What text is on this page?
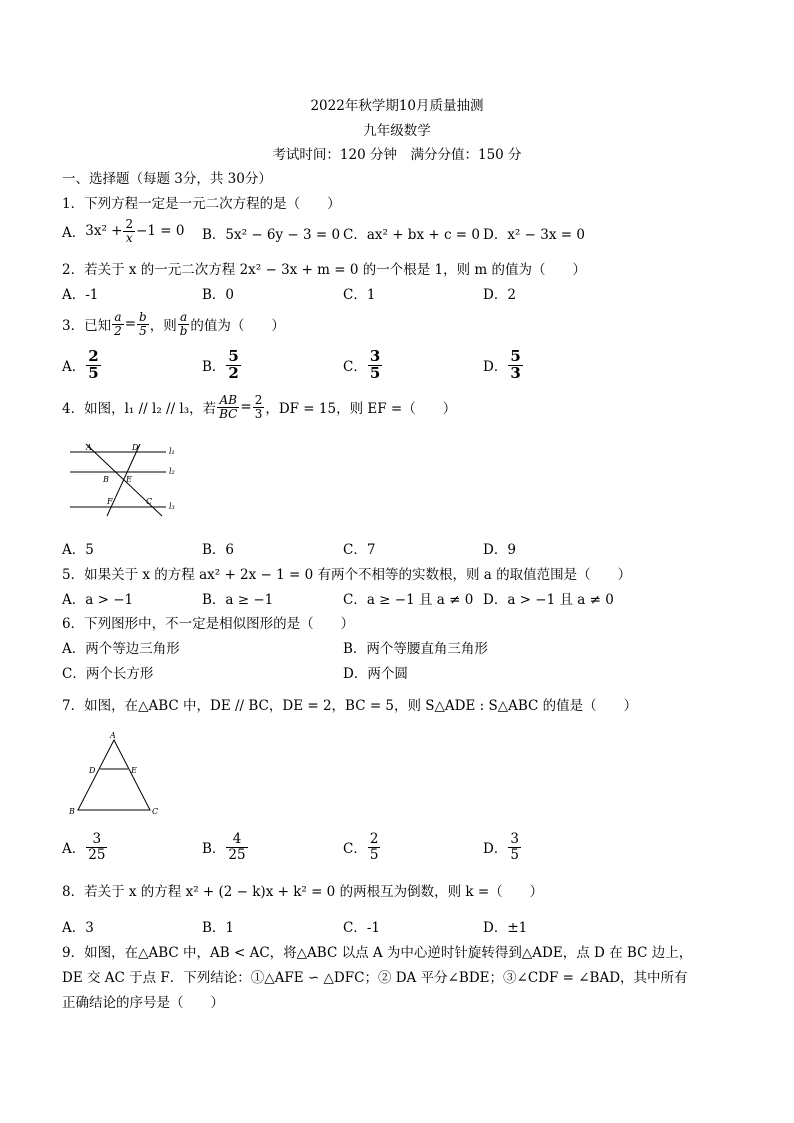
2022年秋学期10月质量抽测
九年级数学
考试时间：120 分钟　满分分值：150 分
一、选择题（每题 3分，共 30分）
1．下列方程一定是一元二次方程的是（　　）
A． $3x^2 + \frac{2}{x} -1 = 0$ B．5x² − 6y − 3 = 0 C．ax² + bx + c = 0 D．x² − 3x = 0
2．若关于 x 的一元二次方程 2x² − 3x + m = 0 的一个根是 1，则 m 的值为（　　）
A．-1	B．0	C．1	D．2
3．已知 $\frac{a}{2} = \frac{b}{5}$ ，则 $\frac{a}{b}$ 的值为（　　）
A． $\frac{2}{5}$	B． $\frac{5}{2}$	C． $\frac{3}{5}$	D． $\frac{5}{3}$
4．如图，l₁ // l₂ // l₃，若 $\frac{AB}{BC} = \frac{2}{3}$ ，DF = 15，则 EF =（　　）
A	D
B E
F	C
l₁
l₂
l₃
A．5	B．6	C．7	D．9
5．如果关于 x 的方程 ax² + 2x − 1 = 0 有两个不相等的实数根，则 a 的取值范围是（　　）
A．a > −1	B．a ≥ −1	C．a ≥ −1 且 a ≠ 0 D．a > −1 且 a ≠ 0
6．下列图形中，不一定是相似图形的是（　　）
A．两个等边三角形	B．两个等腰直角三角形
C．两个长方形	D．两个圆
7．如图，在△ABC 中，DE // BC，DE = 2，BC = 5，则 S△ADE : S△ABC 的值是（　　）
A
D	E
B	C
A． $\frac{3}{25}$	B． $\frac{4}{25}$	C． $\frac{2}{5}$	D． $\frac{3}{5}$
8．若关于 x 的方程 x² + (2 − k)x + k² = 0 的两根互为倒数，则 k =（　　）
A．3	B．1	C．-1	D．±1
9．如图，在△ABC 中，AB < AC，将△ABC 以点 A 为中心逆时针旋转得到△ADE，点 D 在 BC 边上，
DE 交 AC 于点 F．下列结论：①△AFE ∽ △DFC；② DA 平分∠BDE；③∠CDF = ∠BAD，其中所有
正确结论的序号是（　　）
